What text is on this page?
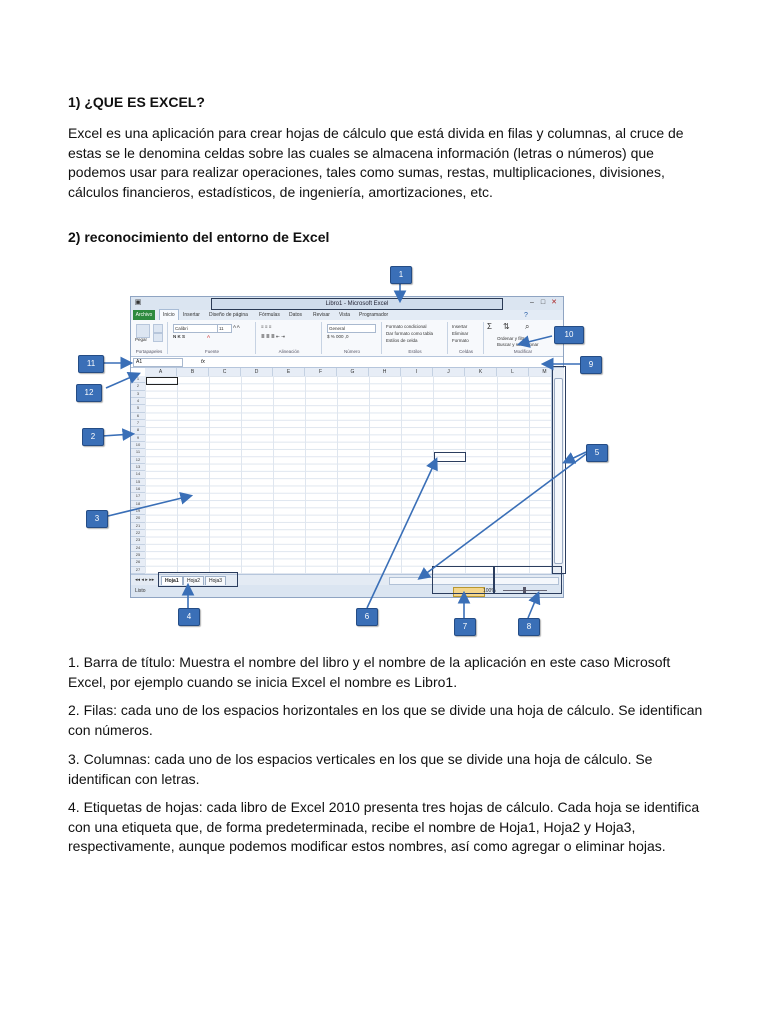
1) ¿QUE ES EXCEL?

Excel es una aplicación para crear hojas de cálculo que está divida en filas y columnas, al cruce de estas se le denomina celdas sobre las cuales se almacena información (letras o números) que podemos usar para realizar operaciones, tales como sumas, restas, multiplicaciones, divisiones, cálculos financieros, estadísticos, de ingeniería, amortizaciones, etc.

2) reconocimiento del entorno de Excel
▣	Libro1 - Microsoft Excel	– □ ✕
Archivo	Inicio	Insertar Diseño de página Fórmulas Datos Revisar Vista Programador	?
Pegar
Portapapeles
Calibri	11	A A
N K S	A
Fuente
≡ ≡ ≡
≣ ≣ ≣ ⇤ ⇥
Alineación
General
$ % 000 ,0
Número
Formato condicional
Dar formato como tabla
Estilos de celda
Estilos
Insertar
Eliminar
Formato
Celdas
Σ ⇅ ⌕
Ordenar y filtrar
Buscar y seleccionar
Modificar
A1	fx
A	B	C	D	E	F	G	H	I	J	K	L	M
1
2
3
4
5
6
7
8
9
10
11
12
13
14
15
16
17
18
19
20
21
22
23
24
25
26
27
◂◂ ◂ ▸ ▸▸	Hoja1	Hoja2	Hoja3
Listo	100%
1
2
3
4
5
6
7	8
9
10
11
12

1. Barra de título: Muestra el nombre del libro y el nombre de la aplicación en este caso Microsoft Excel, por ejemplo cuando se inicia Excel el nombre es Libro1.

2. Filas: cada uno de los espacios horizontales en los que se divide una hoja de cálculo. Se identifican con números.

3. Columnas: cada uno de los espacios verticales en los que se divide una hoja de cálculo. Se identifican con letras.

4. Etiquetas de hojas: cada libro de Excel 2010 presenta tres hojas de cálculo. Cada hoja se identifica con una etiqueta que, de forma predeterminada, recibe el nombre de Hoja1, Hoja2 y Hoja3, respectivamente, aunque podemos modificar estos nombres, así como agregar o eliminar hojas.
